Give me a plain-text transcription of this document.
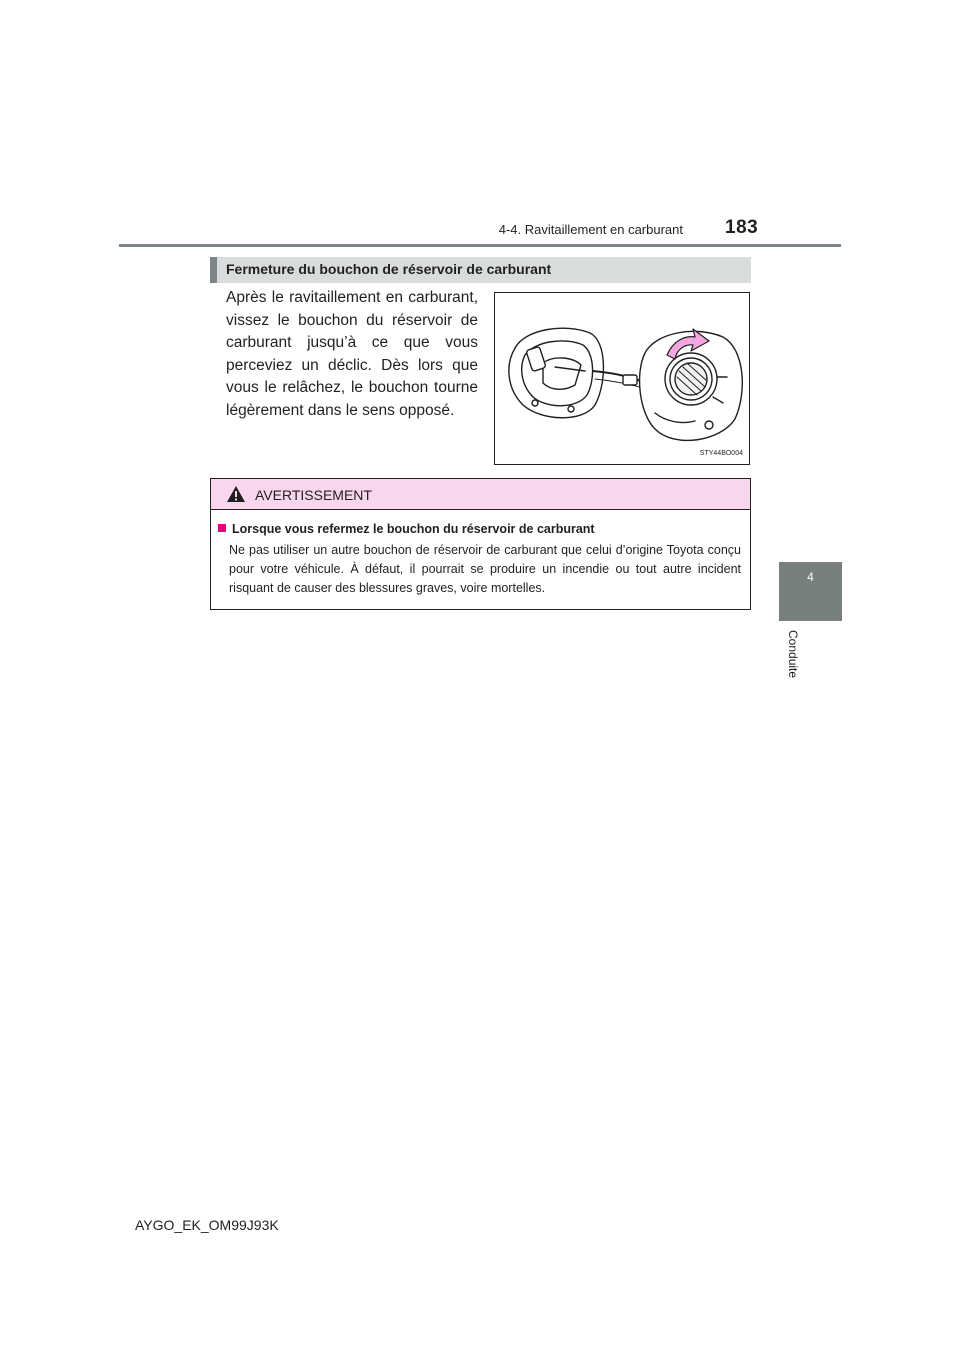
4-4. Ravitaillement en carburant 183
4
Conduite
Fermeture du bouchon de réservoir de carburant
Après le ravitaillement en carburant, vissez le bouchon du réservoir de carburant jusqu’à ce que vous perceviez un déclic. Dès lors que vous le relâchez, le bouchon tourne légèrement dans le sens opposé.
STY44BO004
AVERTISSEMENT
Lorsque vous refermez le bouchon du réservoir de carburant
Ne pas utiliser un autre bouchon de réservoir de carburant que celui d’origine Toyota conçu pour votre véhicule. À défaut, il pourrait se produire un incendie ou tout autre incident risquant de causer des blessures graves, voire mortelles.
AYGO_EK_OM99J93K
